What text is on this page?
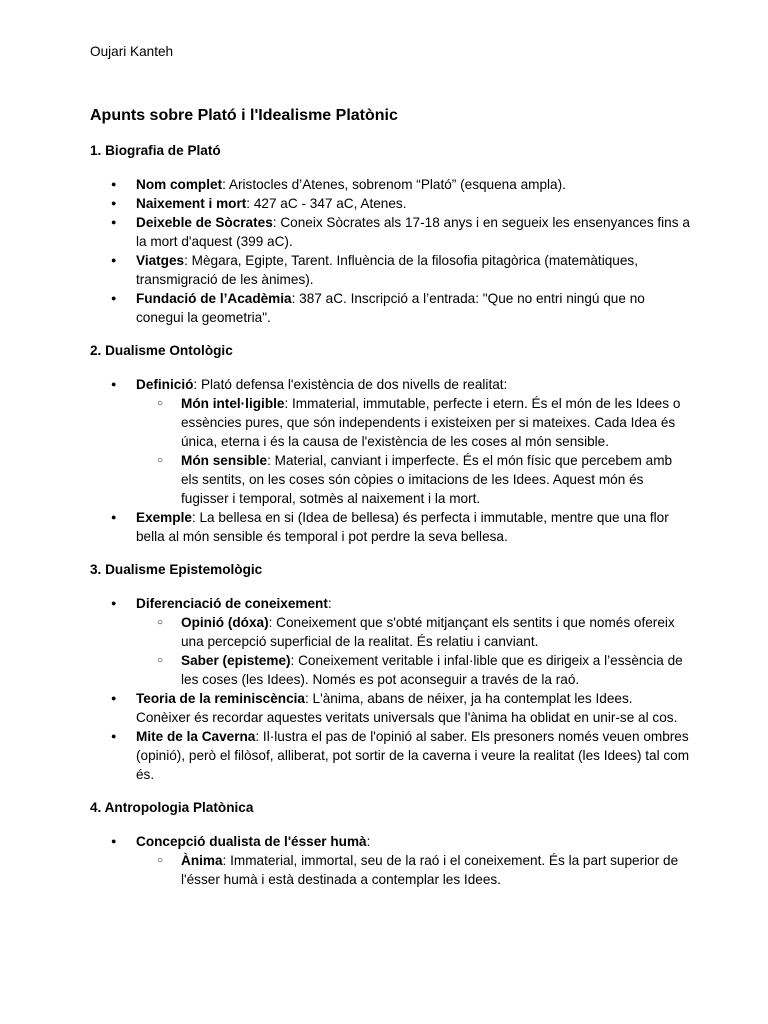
Oujari Kanteh
Apunts sobre Plató i l'Idealisme Platònic
1. Biografia de Plató
● Nom complet: Aristocles d’Atenes, sobrenom “Plató” (esquena ampla).
● Naixement i mort: 427 aC - 347 aC, Atenes.
● Deixeble de Sòcrates: Coneix Sòcrates als 17-18 anys i en segueix les ensenyances fins a la mort d'aquest (399 aC).
● Viatges: Mègara, Egipte, Tarent. Influència de la filosofia pitagòrica (matemàtiques, transmigració de les ànimes).
● Fundació de l’Acadèmia: 387 aC. Inscripció a l’entrada: "Que no entri ningú que no conegui la geometria".
2. Dualisme Ontològic
● Definició: Plató defensa l'existència de dos nivells de realitat:
○ Món intel·ligible: Immaterial, immutable, perfecte i etern. És el món de les Idees o essències pures, que són independents i existeixen per si mateixes. Cada Idea és única, eterna i és la causa de l'existència de les coses al món sensible.
○ Món sensible: Material, canviant i imperfecte. És el món físic que percebem amb els sentits, on les coses són còpies o imitacions de les Idees. Aquest món és fugisser i temporal, sotmès al naixement i la mort.
● Exemple: La bellesa en si (Idea de bellesa) és perfecta i immutable, mentre que una flor bella al món sensible és temporal i pot perdre la seva bellesa.
3. Dualisme Epistemològic
● Diferenciació de coneixement:
○ Opinió (dóxa): Coneixement que s'obté mitjançant els sentits i que només ofereix una percepció superficial de la realitat. És relatiu i canviant.
○ Saber (episteme): Coneixement veritable i infal·lible que es dirigeix a l’essència de les coses (les Idees). Només es pot aconseguir a través de la raó.
● Teoria de la reminiscència: L'ànima, abans de néixer, ja ha contemplat les Idees. Conèixer és recordar aquestes veritats universals que l'ànima ha oblidat en unir-se al cos.
● Mite de la Caverna: Il·lustra el pas de l'opinió al saber. Els presoners només veuen ombres (opinió), però el filòsof, alliberat, pot sortir de la caverna i veure la realitat (les Idees) tal com és.
4. Antropologia Platònica
● Concepció dualista de l'ésser humà:
○ Ànima: Immaterial, immortal, seu de la raó i el coneixement. És la part superior de l'ésser humà i està destinada a contemplar les Idees.
